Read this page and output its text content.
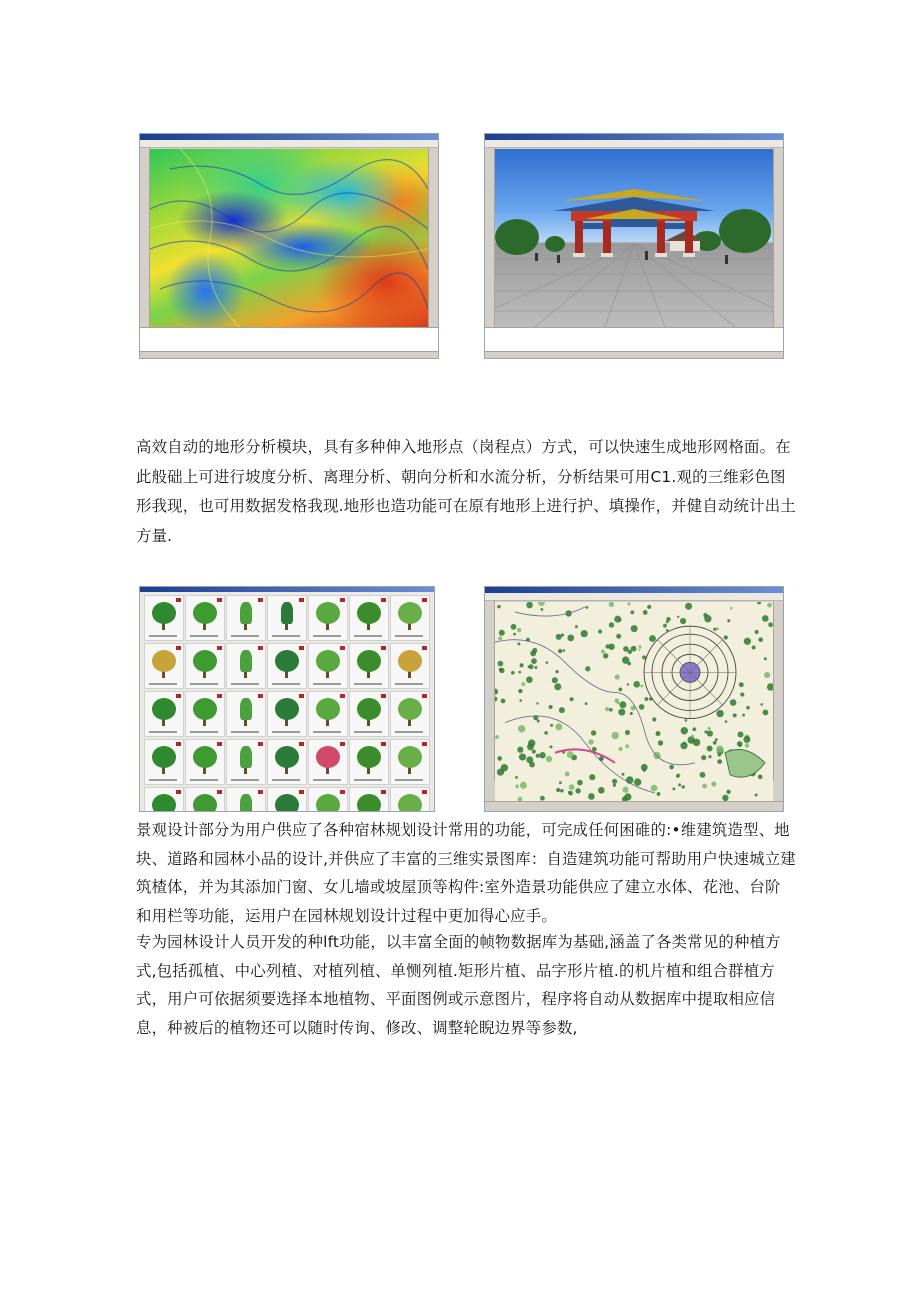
高效自动的地形分析模块，具有多种伸入地形点（岗程点）方式，可以快速生成地形网格面。在此般础上可进行坡度分析、离理分析、朝向分析和水流分析，分析结果可用C1.观的三维彩色图形我现，也可用数据发格我现.地形也造功能可在原有地形上进行护、填操作，并健自动统计出土方量.

景观设计部分为用户供应了各种宿林规划设计常用的功能，可完成任何困碓的:•维建筑造型、地块、道路和园林小品的设计,并供应了丰富的三维实景图库：自造建筑功能可帮助用户快速城立建筑楂体，并为其添加门窗、女儿墙或坡屋顶等构件:室外造景功能供应了建立水体、花池、台阶和用栏等功能，运用户在园林规划设计过程中更加得心应手。

专为园林设计人员开发的种lft功能，以丰富全面的帧物数据库为基础,涵盖了各类常见的种植方式,包括孤植、中心列植、对植列植、单恻列植.矩形片植、品字形片植.的机片植和组合群植方式，用户可依据须要选择本地植物、平面图例或示意图片，程序将自动从数据库中提取相应信息，种被后的植物还可以随时传询、修改、调整轮睨边界等参数,
